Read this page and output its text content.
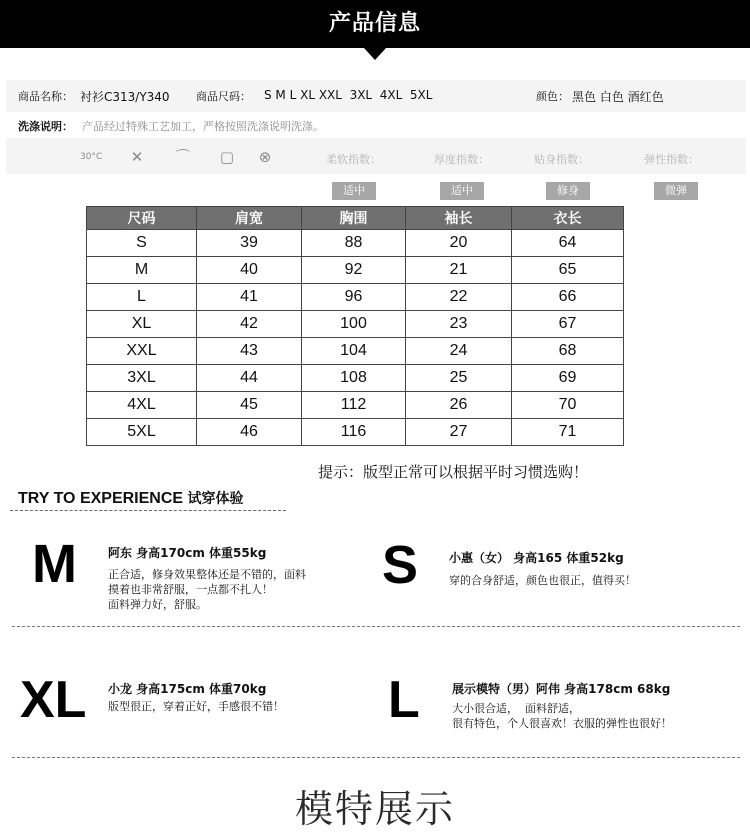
产品信息
商品名称： 衬衫C313/Y340 商品尺码： S M L XL XXL  3XL  4XL  5XL	颜色： 黑色 白色 酒红色
洗涤说明： 产品经过特殊工艺加工，严格按照洗涤说明洗涤。
30°C	✕	⌒ ▢	⊗	柔软指数：	厚度指数：	贴身指数：	弹性指数：
适中	适中	修身	微弹
尺码	肩宽	胸围	袖长	衣长
S	39	88	20	64
M	40	92	21	65
L	41	96	22	66
XL	42	100	23	67
XXL	43	104	24	68
3XL	44	108	25	69
4XL	45	112	26	70
5XL	46	116	27	71
提示：版型正常可以根据平时习惯选购！
TRY TO EXPERIENCE 试穿体验
M	阿东 身高170cm 体重55kg
正合适，修身效果整体还是不错的，面料
摸着也非常舒服，一点都不扎人！
面料弹力好，舒服。
S	小惠（女） 身高165 体重52kg
穿的合身舒适，颜色也很正，值得买！
XL 小龙 身高175cm 体重70kg
版型很正，穿着正好，手感很不错！	L	展示模特（男）阿伟 身高178cm 68kg
大小很合适，  面料舒适，
很有特色，个人很喜欢！衣服的弹性也很好！
模特展示
